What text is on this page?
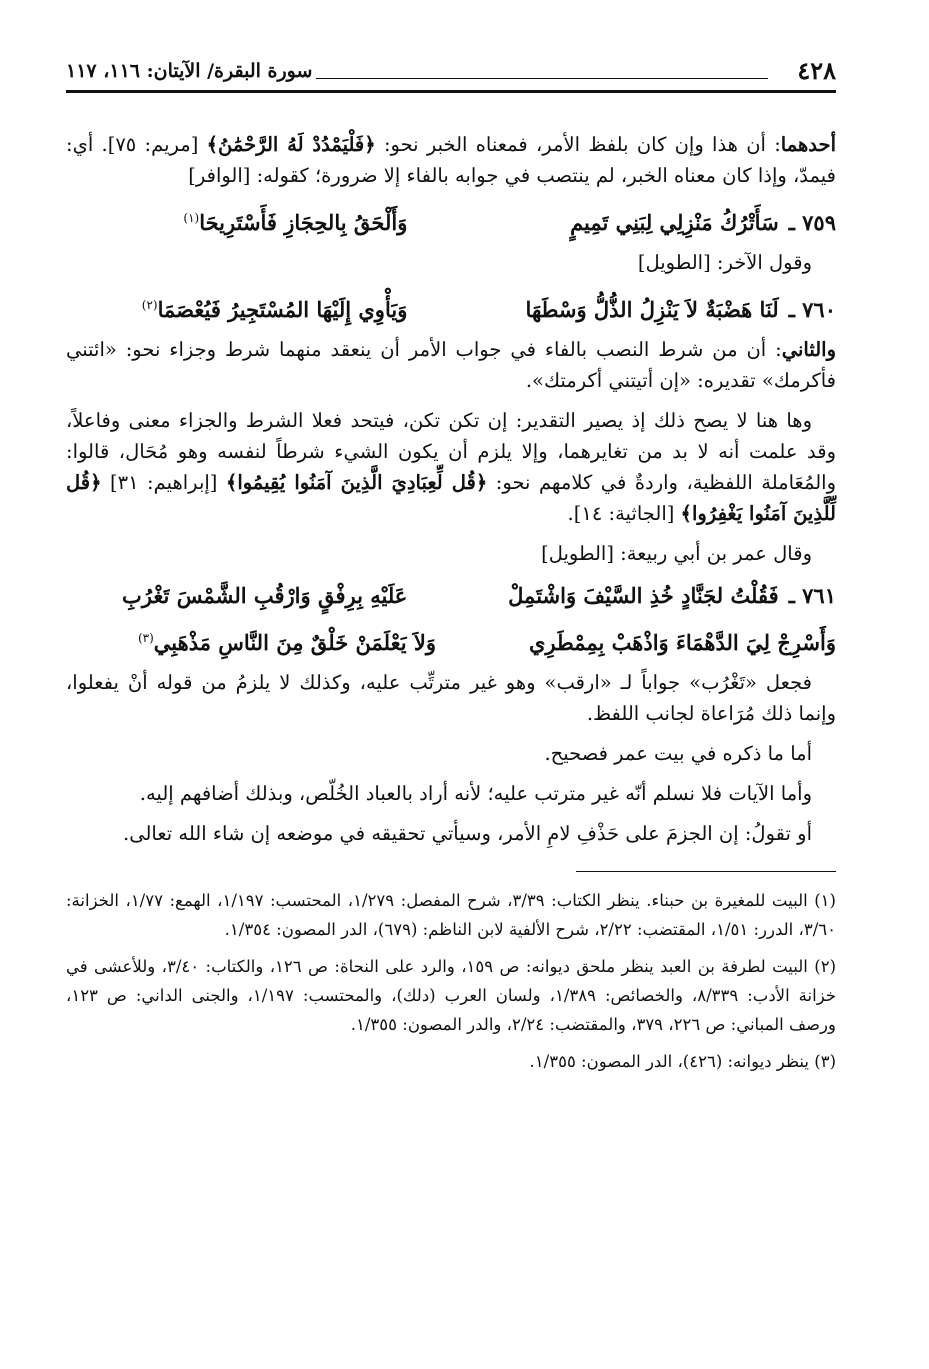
٤٢٨
سورة البقرة/ الآيتان: ١١٦، ١١٧

أحدهما: أن هذا وإن كان بلفظ الأمر، فمعناه الخبر نحو: ﴿فَلْيَمْدُدْ لَهُ الرَّحْمَٰنُ﴾ [مريم: ٧٥]. أي: فيمدّ، وإذا كان معناه الخبر، لم ينتصب في جوابه بالفاء إلا ضرورة؛ كقوله: [الوافر]

٧٥٩ ـ
سَأَتْرُكُ مَنْزِلِي لِبَنِي تَمِيمٍ
وَأَلْحَقُ بِالحِجَازِ فَأَسْتَرِيحَا$^{(١)}$

وقول الآخر: [الطويل]

٧٦٠ ـ
لَنَا هَضْبَةٌ لاَ يَنْزِلُ الذُّلُّ وَسْطَهَا
وَيَأْوِي إِلَيْهَا المُسْتَجِيرُ فَيُعْصَمَا$^{(٢)}$

والثاني: أن من شرط النصب بالفاء في جواب الأمر أن ينعقد منهما شرط وجزاء نحو: «ائتني فأكرمك» تقديره: «إن أتيتني أكرمتك».

وها هنا لا يصح ذلك إذ يصير التقدير: إن تكن تكن، فيتحد فعلا الشرط والجزاء معنى وفاعلاً، وقد علمت أنه لا بد من تغايرهما، وإلا يلزم أن يكون الشيء شرطاً لنفسه وهو مُحَال، قالوا: والمُعَاملة اللفظية، واردةٌ في كلامهم نحو: ﴿قُل لِّعِبَادِيَ الَّذِينَ آمَنُوا يُقِيمُوا﴾ [إبراهيم: ٣١] ﴿قُل لِّلَّذِينَ آمَنُوا يَغْفِرُوا﴾ [الجاثية: ١٤].

وقال عمر بن أبي ربيعة: [الطويل]

٧٦١ ـ
فَقُلْتُ لجَنَّادٍ خُذِ السَّيْفَ وَاشْتَمِلْ
عَلَيْهِ بِرِفْقٍ وَارْقُبِ الشَّمْسَ تَغْرُبِ
وَأَسْرِجْ لِيَ الدَّهْمَاءَ وَاذْهَبْ بِمِمْطَرِي
وَلاَ يَعْلَمَنْ خَلْقٌ مِنَ النَّاسِ مَذْهَبِي$^{(٣)}$

فجعل «تَغْرُب» جواباً لـ «ارقب» وهو غير مترتِّب عليه، وكذلك لا يلزمُ من قوله أنْ يفعلوا، وإنما ذلك مُرَاعاة لجانب اللفظ.

أما ما ذكره في بيت عمر فصحيح.

وأما الآيات فلا نسلم أنّه غير مترتب عليه؛ لأنه أراد بالعباد الخُلّص، وبذلك أضافهم إليه.

أو تقولُ: إن الجزمَ على حَذْفِ لامِ الأمر، وسيأتي تحقيقه في موضعه إن شاء الله تعالى.

(١) البيت للمغيرة بن حبناء. ينظر الكتاب: ٣/٣٩، شرح المفصل: ١/٢٧٩، المحتسب: ١/١٩٧، الهمع: ١/٧٧، الخزانة: ٣/٦٠، الدرر: ١/٥١، المقتضب: ٢/٢٢، شرح الألفية لابن الناظم: (٦٧٩)، الدر المصون: ١/٣٥٤.

(٢) البيت لطرفة بن العبد ينظر ملحق ديوانه: ص ١٥٩، والرد على النحاة: ص ١٢٦، والكتاب: ٣/٤٠، وللأعشى في خزانة الأدب: ٨/٣٣٩، والخصائص: ١/٣٨٩، ولسان العرب (دلك)، والمحتسب: ١/١٩٧، والجنى الداني: ص ١٢٣، ورصف المباني: ص ٢٢٦، ٣٧٩، والمقتضب: ٢/٢٤، والدر المصون: ١/٣٥٥.

(٣) ينظر ديوانه: (٤٢٦)، الدر المصون: ١/٣٥٥.
